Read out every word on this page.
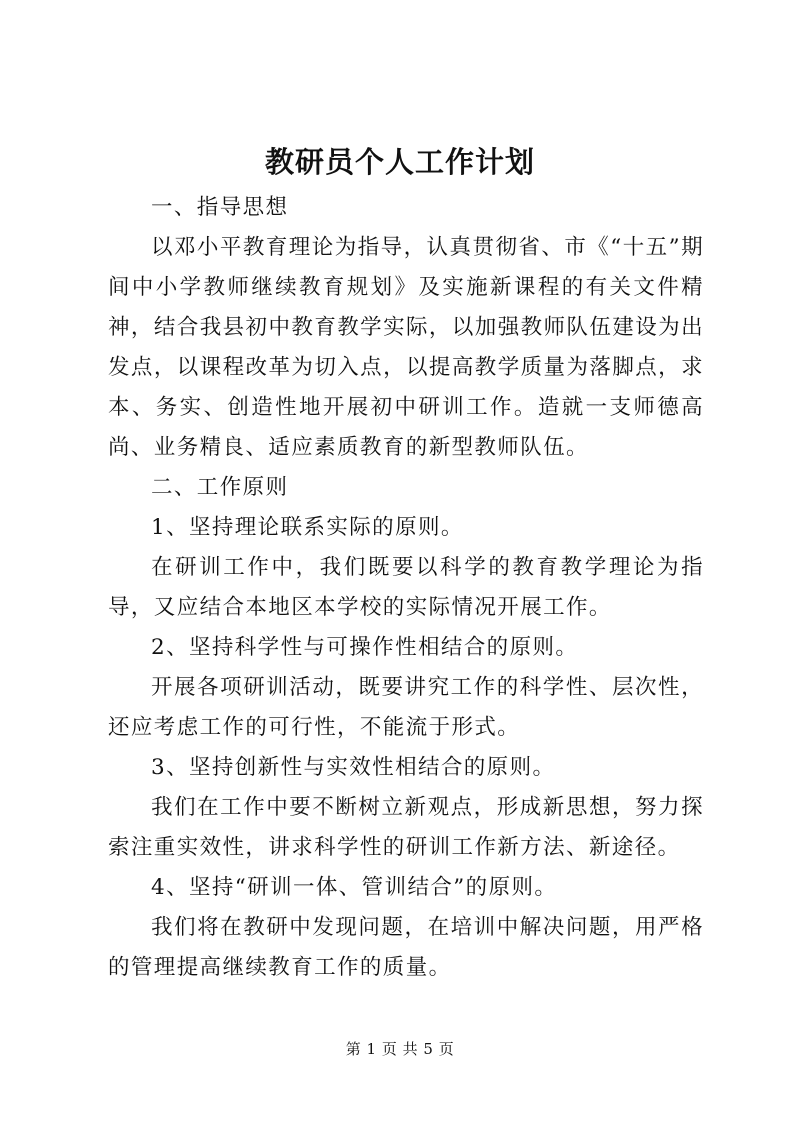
教研员个人工作计划

一、指导思想

以邓小平教育理论为指导，认真贯彻省、市《“十五”期间中小学教师继续教育规划》及实施新课程的有关文件精神，结合我县初中教育教学实际，以加强教师队伍建设为出发点，以课程改革为切入点，以提高教学质量为落脚点，求本、务实、创造性地开展初中研训工作。造就一支师德高尚、业务精良、适应素质教育的新型教师队伍。

二、工作原则

1、坚持理论联系实际的原则。

在研训工作中，我们既要以科学的教育教学理论为指导，又应结合本地区本学校的实际情况开展工作。

2、坚持科学性与可操作性相结合的原则。

开展各项研训活动，既要讲究工作的科学性、层次性，还应考虑工作的可行性，不能流于形式。

3、坚持创新性与实效性相结合的原则。

我们在工作中要不断树立新观点，形成新思想，努力探索注重实效性，讲求科学性的研训工作新方法、新途径。

4、坚持“研训一体、管训结合”的原则。

我们将在教研中发现问题，在培训中解决问题，用严格的管理提高继续教育工作的质量。

第 1 页 共 5 页
